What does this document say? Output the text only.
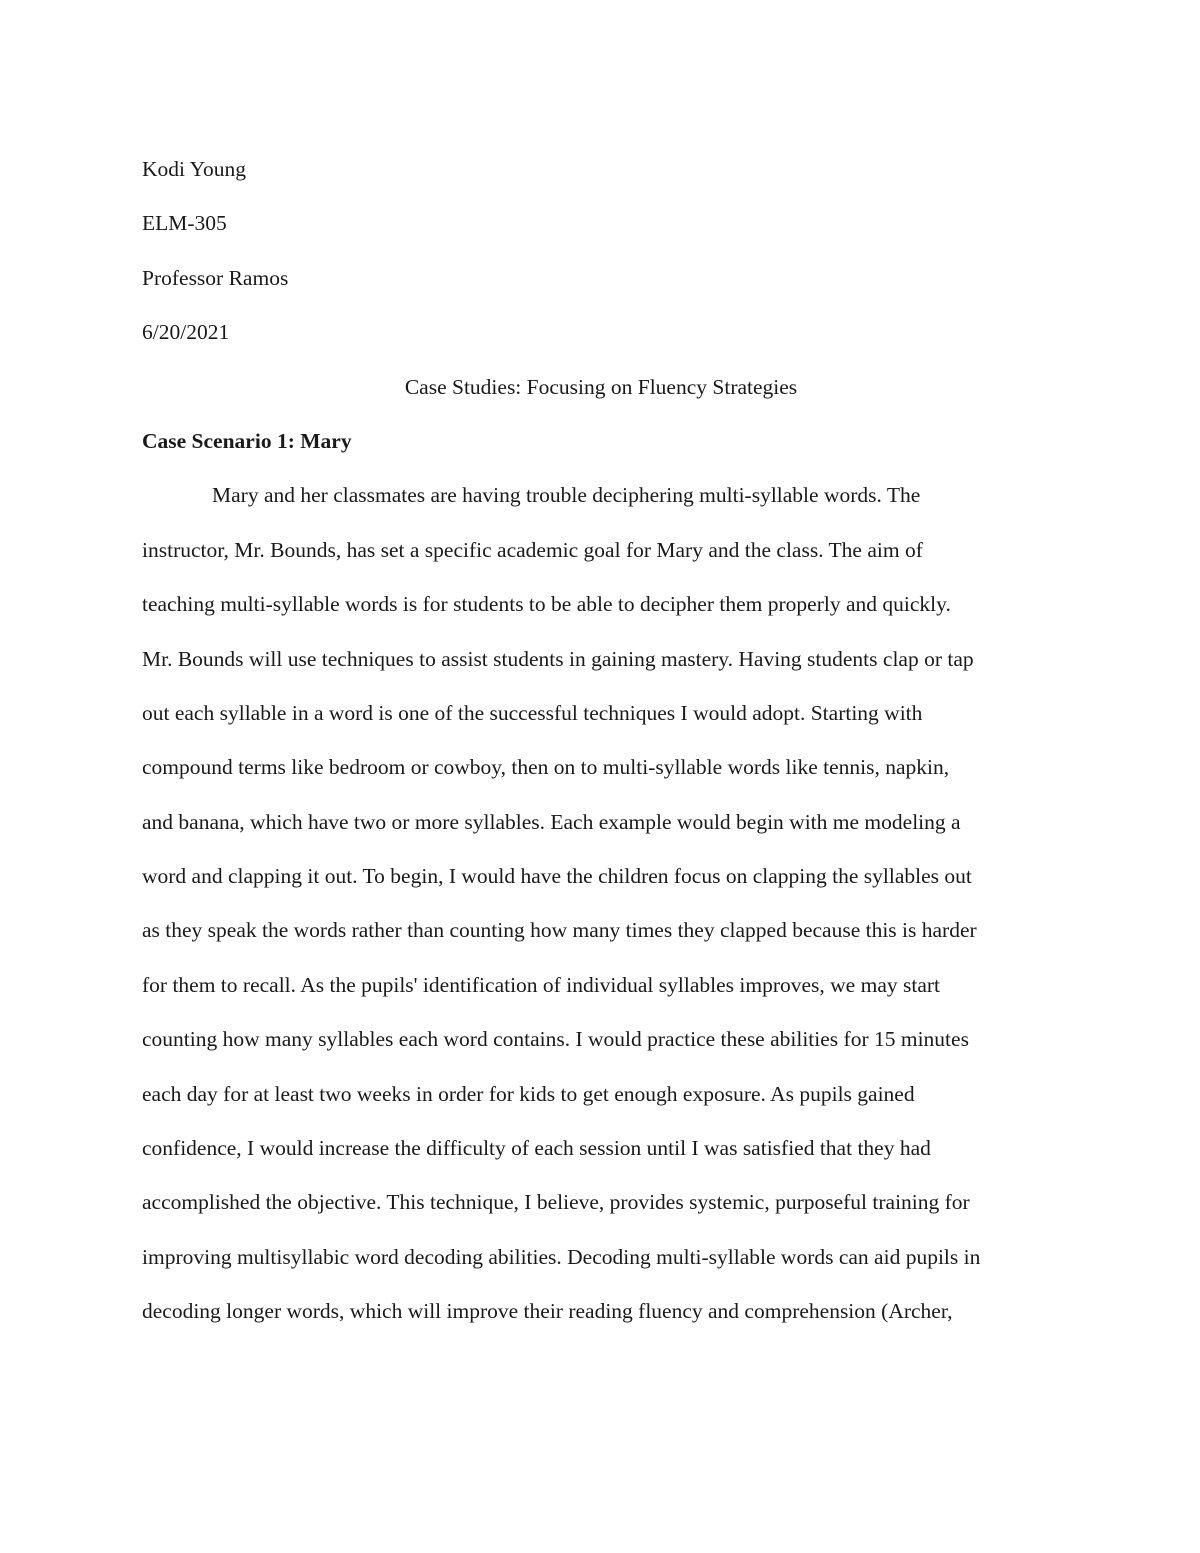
Kodi Young
ELM-305
Professor Ramos
6/20/2021
Case Studies: Focusing on Fluency Strategies
Case Scenario 1: Mary
Mary and her classmates are having trouble deciphering multi-syllable words. The
instructor, Mr. Bounds, has set a specific academic goal for Mary and the class. The aim of
teaching multi-syllable words is for students to be able to decipher them properly and quickly.
Mr. Bounds will use techniques to assist students in gaining mastery. Having students clap or tap
out each syllable in a word is one of the successful techniques I would adopt. Starting with
compound terms like bedroom or cowboy, then on to multi-syllable words like tennis, napkin,
and banana, which have two or more syllables. Each example would begin with me modeling a
word and clapping it out. To begin, I would have the children focus on clapping the syllables out
as they speak the words rather than counting how many times they clapped because this is harder
for them to recall. As the pupils' identification of individual syllables improves, we may start
counting how many syllables each word contains. I would practice these abilities for 15 minutes
each day for at least two weeks in order for kids to get enough exposure. As pupils gained
confidence, I would increase the difficulty of each session until I was satisfied that they had
accomplished the objective. This technique, I believe, provides systemic, purposeful training for
improving multisyllabic word decoding abilities. Decoding multi-syllable words can aid pupils in
decoding longer words, which will improve their reading fluency and comprehension (Archer,
